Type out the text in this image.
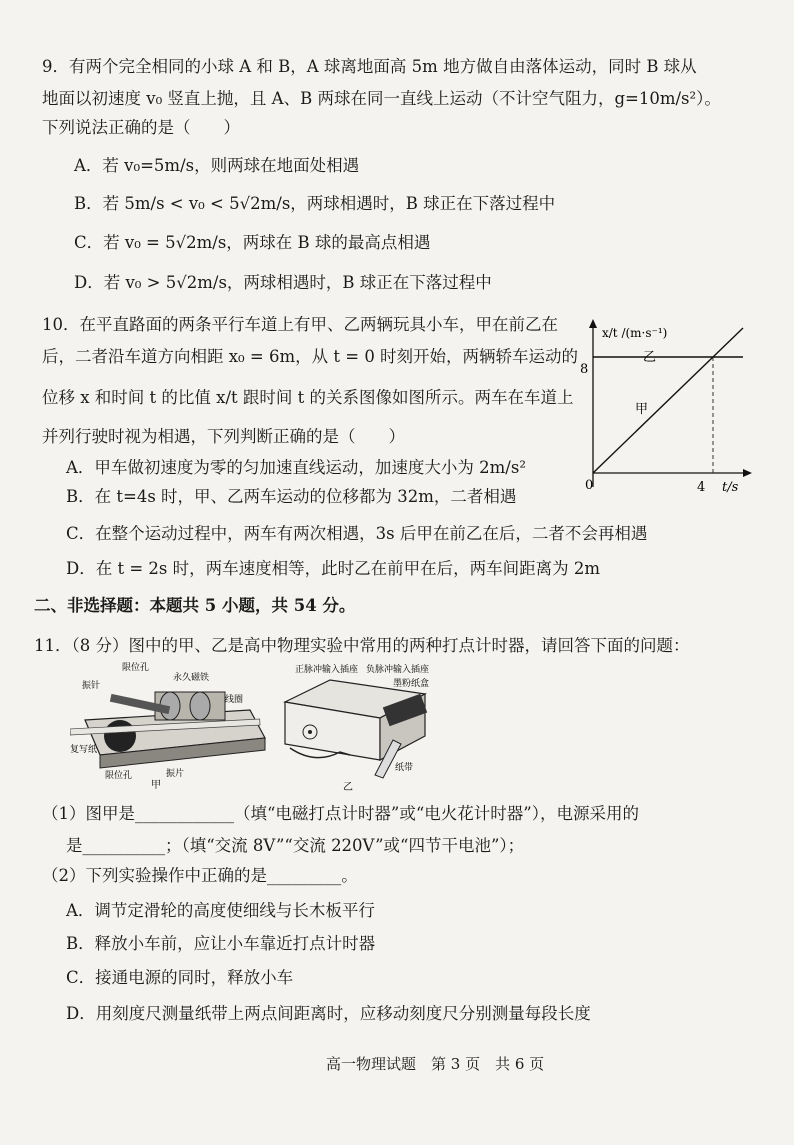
9．有两个完全相同的小球 A 和 B，A 球离地面高 5m 地方做自由落体运动，同时 B 球从
地面以初速度 v₀ 竖直上抛，且 A、B 两球在同一直线上运动（不计空气阻力，g=10m/s²）。
下列说法正确的是（　　）
A．若 v₀=5m/s，则两球在地面处相遇
B．若 5m/s < v₀ < 5√2m/s，两球相遇时，B 球正在下落过程中
C．若 v₀ = 5√2m/s，两球在 B 球的最高点相遇
D．若 v₀ > 5√2m/s，两球相遇时，B 球正在下落过程中
10．在平直路面的两条平行车道上有甲、乙两辆玩具小车，甲在前乙在
后，二者沿车道方向相距 x₀ = 6m，从 t = 0 时刻开始，两辆轿车运动的
位移 x 和时间 t 的比值 x/t 跟时间 t 的关系图像如图所示。两车在车道上
并列行驶时视为相遇，下列判断正确的是（　　）
A．甲车做初速度为零的匀加速直线运动，加速度大小为 2m/s²
B．在 t=4s 时，甲、乙两车运动的位移都为 32m，二者相遇
C．在整个运动过程中，两车有两次相遇，3s 后甲在前乙在后，二者不会再相遇
D．在 t = 2s 时，两车速度相等，此时乙在前甲在后，两车间距离为 2m
x/t /(m·s⁻¹)
t/s
0
8
4
乙
甲
二、非选择题：本题共 5 小题，共 54 分。
11．（8 分）图中的甲、乙是高中物理实验中常用的两种打点计时器，请回答下面的问题：
限位孔
永久磁铁
振针
线圈
复写纸
限位孔	振片
甲
正脉冲输入插座 负脉冲输入插座
墨粉纸盒
纸带
乙
（1）图甲是____________（填“电磁打点计时器”或“电火花计时器”），电源采用的
是__________；（填“交流 8V”“交流 220V”或“四节干电池”）；
（2）下列实验操作中正确的是_________。
A．调节定滑轮的高度使细线与长木板平行
B．释放小车前，应让小车靠近打点计时器
C．接通电源的同时，释放小车
D．用刻度尺测量纸带上两点间距离时，应移动刻度尺分别测量每段长度
高一物理试题　第 3 页　共 6 页
